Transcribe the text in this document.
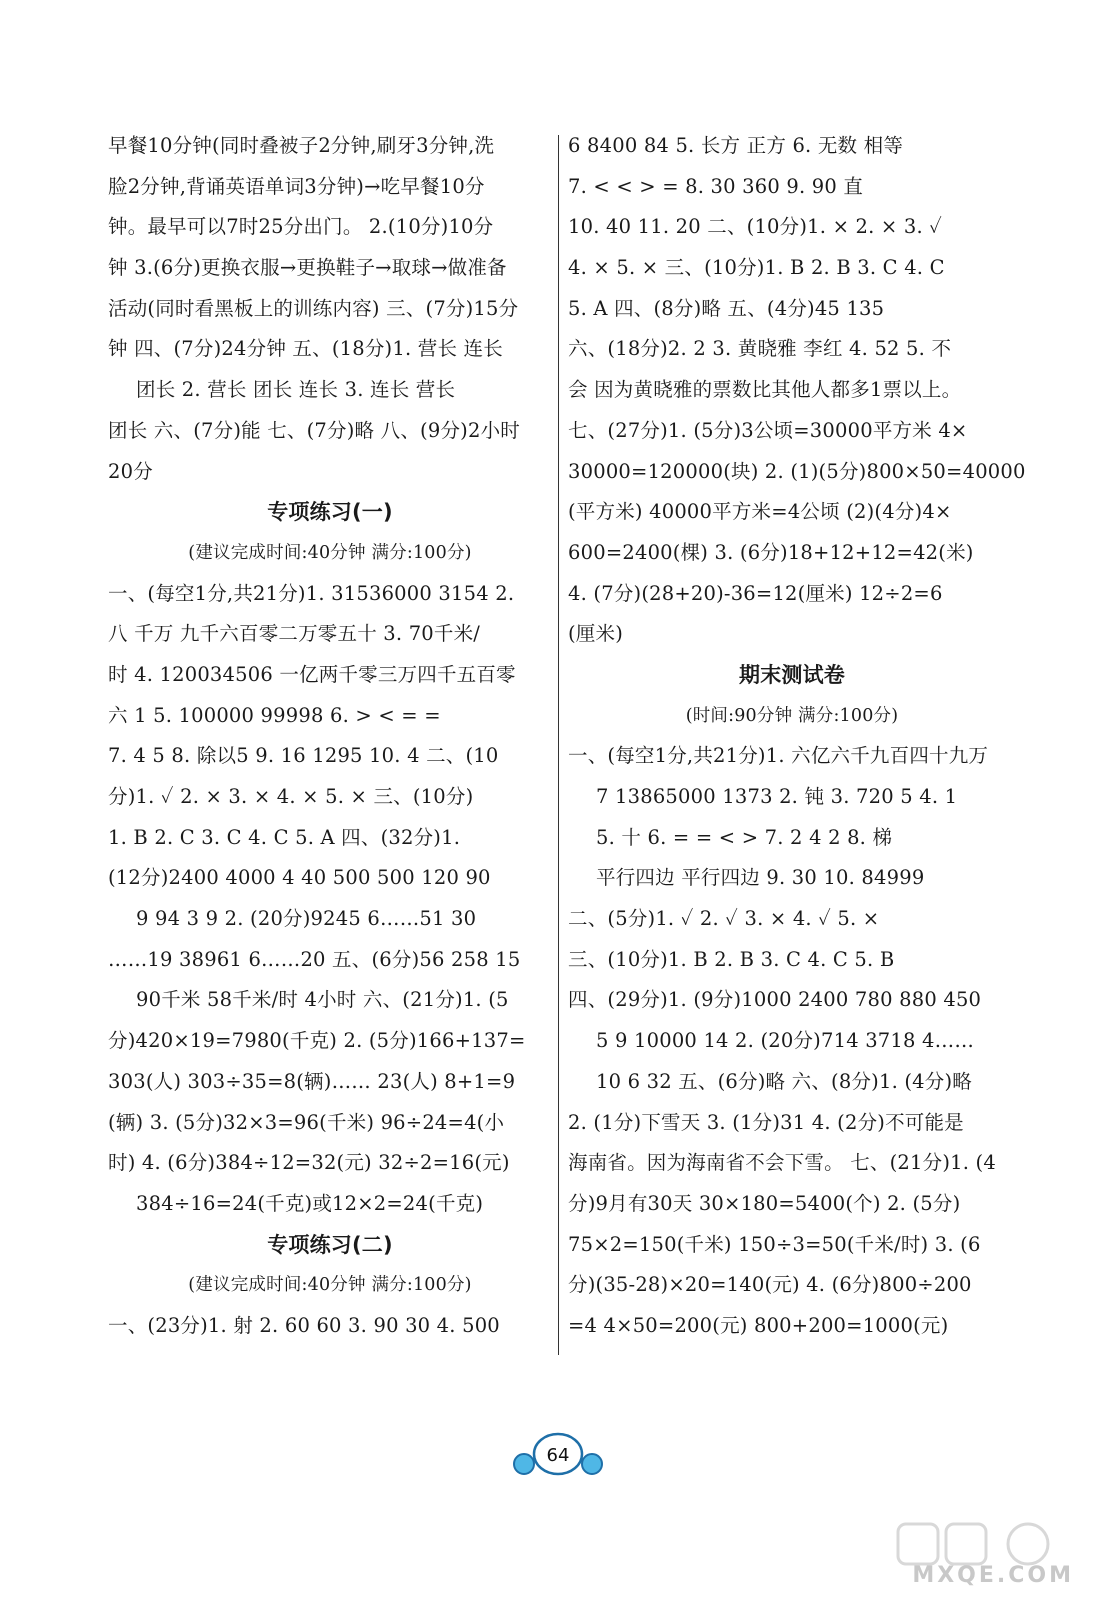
早餐10分钟(同时叠被子2分钟,刷牙3分钟,洗
脸2分钟,背诵英语单词3分钟)→吃早餐10分
钟。最早可以7时25分出门。 2.(10分)10分
钟 3.(6分)更换衣服→更换鞋子→取球→做准备
活动(同时看黑板上的训练内容) 三、(7分)15分
钟 四、(7分)24分钟 五、(18分)1. 营长 连长
团长 2. 营长 团长 连长 3. 连长 营长
团长 六、(7分)能 七、(7分)略 八、(9分)2小时
20分
专项练习(一)
(建议完成时间:40分钟 满分:100分)
一、(每空1分,共21分)1. 31536000 3154 2.
八 千万 九千六百零二万零五十 3. 70千米/
时 4. 120034506 一亿两千零三万四千五百零
六 1 5. 100000 99998 6. > < = =
7. 4 5 8. 除以5 9. 16 1295 10. 4 二、(10
分)1. ✓ 2. × 3. × 4. × 5. × 三、(10分)
1. B 2. C 3. C 4. C 5. A 四、(32分)1.
(12分)2400 4000 4 40 500 500 120 90
9 94 3 9 2. (20分)9245 6……51 30
……19 38961 6……20 五、(6分)56 258 15
90千米 58千米/时 4小时 六、(21分)1. (5
分)420×19=7980(千克) 2. (5分)166+137=
303(人) 303÷35=8(辆)…… 23(人) 8+1=9
(辆) 3. (5分)32×3=96(千米) 96÷24=4(小
时) 4. (6分)384÷12=32(元) 32÷2=16(元)
384÷16=24(千克)或12×2=24(千克)
专项练习(二)
(建议完成时间:40分钟 满分:100分)
一、(23分)1. 射 2. 60 60 3. 90 30 4. 500
6 8400 84 5. 长方 正方 6. 无数 相等
7. < < > = 8. 30 360 9. 90 直
10. 40 11. 20 二、(10分)1. × 2. × 3. ✓
4. × 5. × 三、(10分)1. B 2. B 3. C 4. C
5. A 四、(8分)略 五、(4分)45 135
六、(18分)2. 2 3. 黄晓雅 李红 4. 52 5. 不
会 因为黄晓雅的票数比其他人都多1票以上。
七、(27分)1. (5分)3公顷=30000平方米 4×
30000=120000(块) 2. (1)(5分)800×50=40000
(平方米) 40000平方米=4公顷 (2)(4分)4×
600=2400(棵) 3. (6分)18+12+12=42(米)
4. (7分)(28+20)-36=12(厘米) 12÷2=6
(厘米)
期末测试卷
(时间:90分钟 满分:100分)
一、(每空1分,共21分)1. 六亿六千九百四十九万
7 13865000 1373 2. 钝 3. 720 5 4. 1
5. 十 6. = = < > 7. 2 4 2 8. 梯
平行四边 平行四边 9. 30 10. 84999
二、(5分)1. ✓ 2. ✓ 3. × 4. ✓ 5. ×
三、(10分)1. B 2. B 3. C 4. C 5. B
四、(29分)1. (9分)1000 2400 780 880 450
5 9 10000 14 2. (20分)714 3718 4……
10 6 32 五、(6分)略 六、(8分)1. (4分)略
2. (1分)下雪天 3. (1分)31 4. (2分)不可能是
海南省。因为海南省不会下雪。 七、(21分)1. (4
分)9月有30天 30×180=5400(个) 2. (5分)
75×2=150(千米) 150÷3=50(千米/时) 3. (6
分)(35-28)×20=140(元) 4. (6分)800÷200
=4 4×50=200(元) 800+200=1000(元)
64
MXQE.COM
